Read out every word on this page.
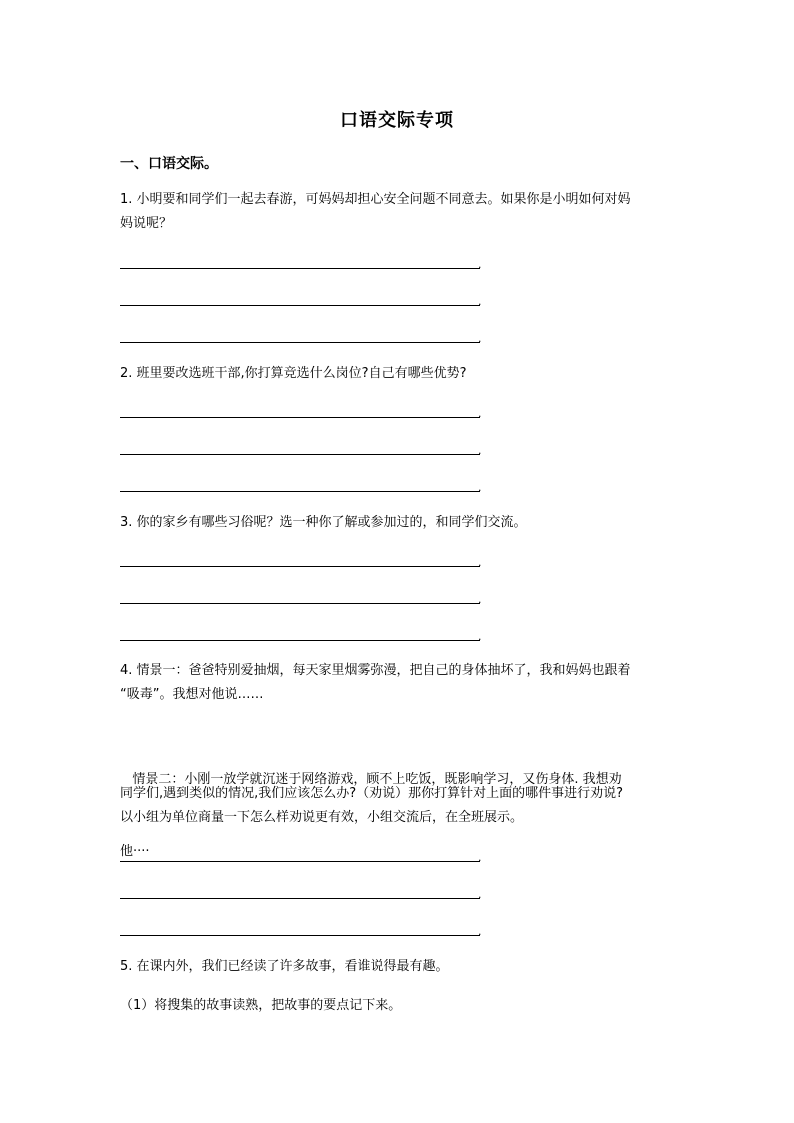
口语交际专项
一、口语交际。
1. 小明要和同学们一起去春游，可妈妈却担心安全问题不同意去。如果你是小明如何对妈
妈说呢？
.
.
.
2. 班里要改选班干部,你打算竞选什么岗位?自己有哪些优势?
.
.
.
3. 你的家乡有哪些习俗呢？选一种你了解或参加过的，和同学们交流。
.
.
.
4. 情景一：爸爸特别爱抽烟，每天家里烟雾弥漫，把自己的身体抽坏了，我和妈妈也跟着
“吸毒”。我想对他说……

情景二：小刚一放学就沉迷于网络游戏，顾不上吃饭，既影响学习，又伤身体. 我想劝

他····

同学们,遇到类似的情况,我们应该怎么办?（劝说）那你打算针对上面的哪件事进行劝说?
以小组为单位商量一下怎么样劝说更有效，小组交流后，在全班展示。
.
.
.
5. 在课内外，我们已经读了许多故事，看谁说得最有趣。
（1）将搜集的故事读熟，把故事的要点记下来。
